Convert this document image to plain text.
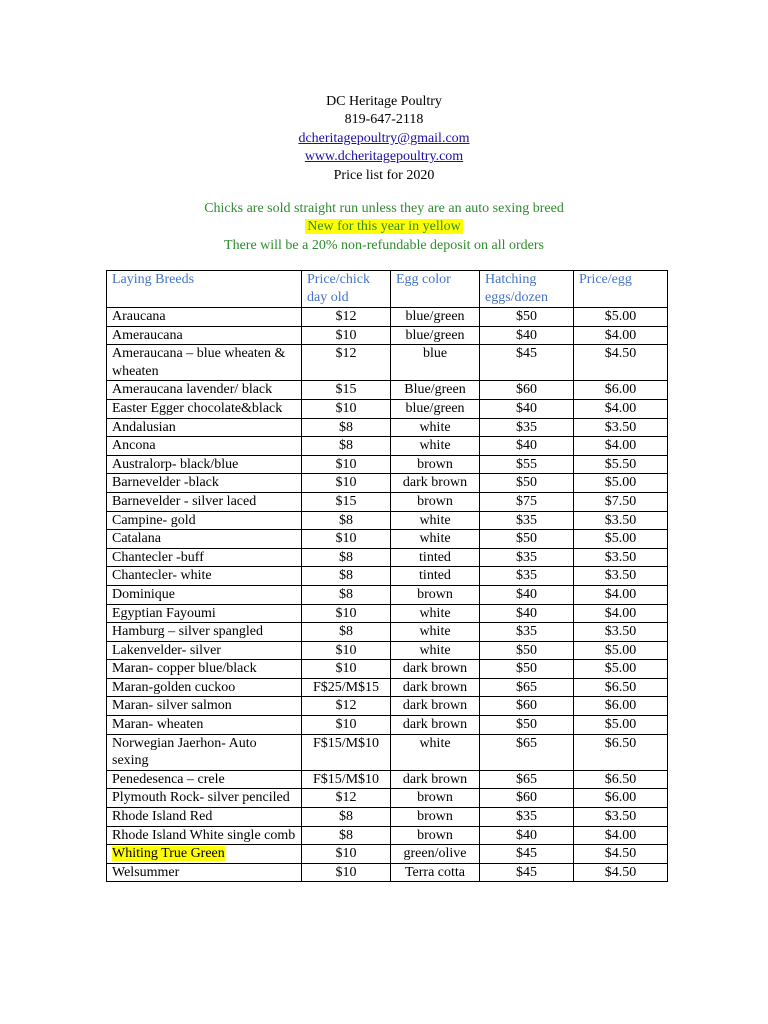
DC Heritage Poultry
819-647-2118
dcheritagepoultry@gmail.com
www.dcheritagepoultry.com
Price list for 2020
Chicks are sold straight run unless they are an auto sexing breed
New for this year in yellow
There will be a 20% non-refundable deposit on all orders
Laying Breeds	Price/chick day old	Egg color	Hatching eggs/dozen	Price/egg
Araucana	$12	blue/green	$50	$5.00
Ameraucana	$10	blue/green	$40	$4.00
Ameraucana – blue wheaten & wheaten	$12	blue	$45	$4.50
Ameraucana lavender/ black	$15	Blue/green	$60	$6.00
Easter Egger chocolate&black	$10	blue/green	$40	$4.00
Andalusian	$8	white	$35	$3.50
Ancona	$8	white	$40	$4.00
Australorp- black/blue	$10	brown	$55	$5.50
Barnevelder -black	$10	dark brown	$50	$5.00
Barnevelder - silver laced	$15	brown	$75	$7.50
Campine- gold	$8	white	$35	$3.50
Catalana	$10	white	$50	$5.00
Chantecler -buff	$8	tinted	$35	$3.50
Chantecler- white	$8	tinted	$35	$3.50
Dominique	$8	brown	$40	$4.00
Egyptian Fayoumi	$10	white	$40	$4.00
Hamburg – silver spangled	$8	white	$35	$3.50
Lakenvelder- silver	$10	white	$50	$5.00
Maran- copper blue/black	$10	dark brown	$50	$5.00
Maran-golden cuckoo	F$25/M$15	dark brown	$65	$6.50
Maran- silver salmon	$12	dark brown	$60	$6.00
Maran- wheaten	$10	dark brown	$50	$5.00
Norwegian Jaerhon- Auto sexing	F$15/M$10	white	$65	$6.50
Penedesenca – crele	F$15/M$10	dark brown	$65	$6.50
Plymouth Rock- silver penciled	$12	brown	$60	$6.00
Rhode Island Red	$8	brown	$35	$3.50
Rhode Island White single comb	$8	brown	$40	$4.00
Whiting True Green	$10	green/olive	$45	$4.50
Welsummer	$10	Terra cotta	$45	$4.50
